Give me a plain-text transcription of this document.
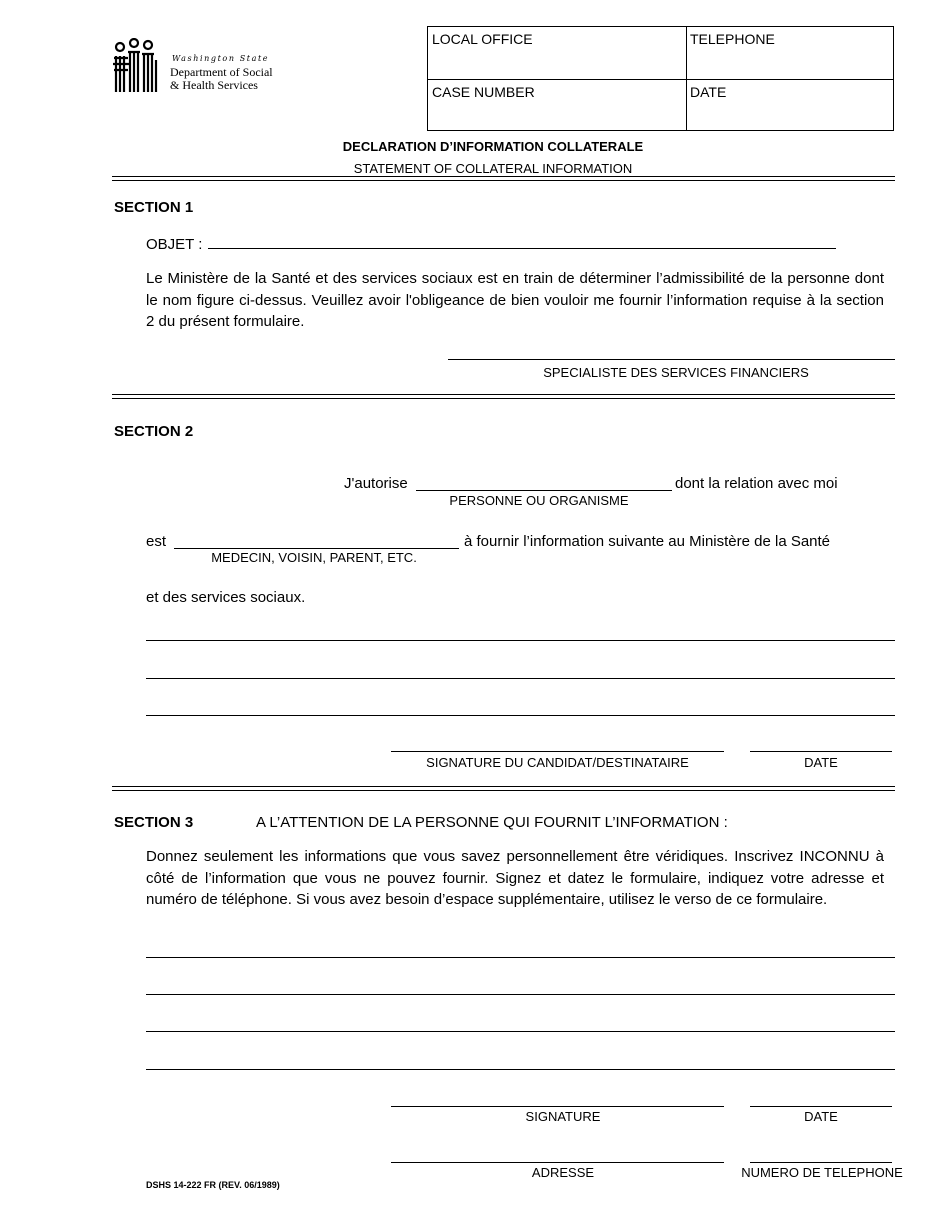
Washington State
Department of Social
& Health Services
LOCAL OFFICE	TELEPHONE
CASE NUMBER	DATE
DECLARATION D’INFORMATION COLLATERALE
STATEMENT OF COLLATERAL INFORMATION
SECTION 1
OBJET :
Le Ministère de la Santé et des services sociaux est en train de déterminer l’admissibilité de la personne dont le nom figure ci-dessus. Veuillez avoir l'obligeance de bien vouloir me fournir l’information requise à la section 2 du présent formulaire.
SPECIALISTE DES SERVICES FINANCIERS
SECTION 2
J'autorise
PERSONNE OU ORGANISME
dont la relation avec moi
est
MEDECIN, VOISIN, PARENT, ETC.
à fournir l’information suivante au Ministère de la Santé
et des services sociaux.
SIGNATURE DU CANDIDAT/DESTINATAIRE	DATE
SECTION 3	A L’ATTENTION DE LA PERSONNE QUI FOURNIT L’INFORMATION :
Donnez seulement les informations que vous savez personnellement être véridiques. Inscrivez INCONNU à côté de l’information que vous ne pouvez fournir. Signez et datez le formulaire, indiquez votre adresse et numéro de téléphone. Si vous avez besoin d’espace supplémentaire, utilisez le verso de ce formulaire.
SIGNATURE	DATE
ADRESSE	NUMERO DE TELEPHONE
DSHS 14-222 FR (REV. 06/1989)
